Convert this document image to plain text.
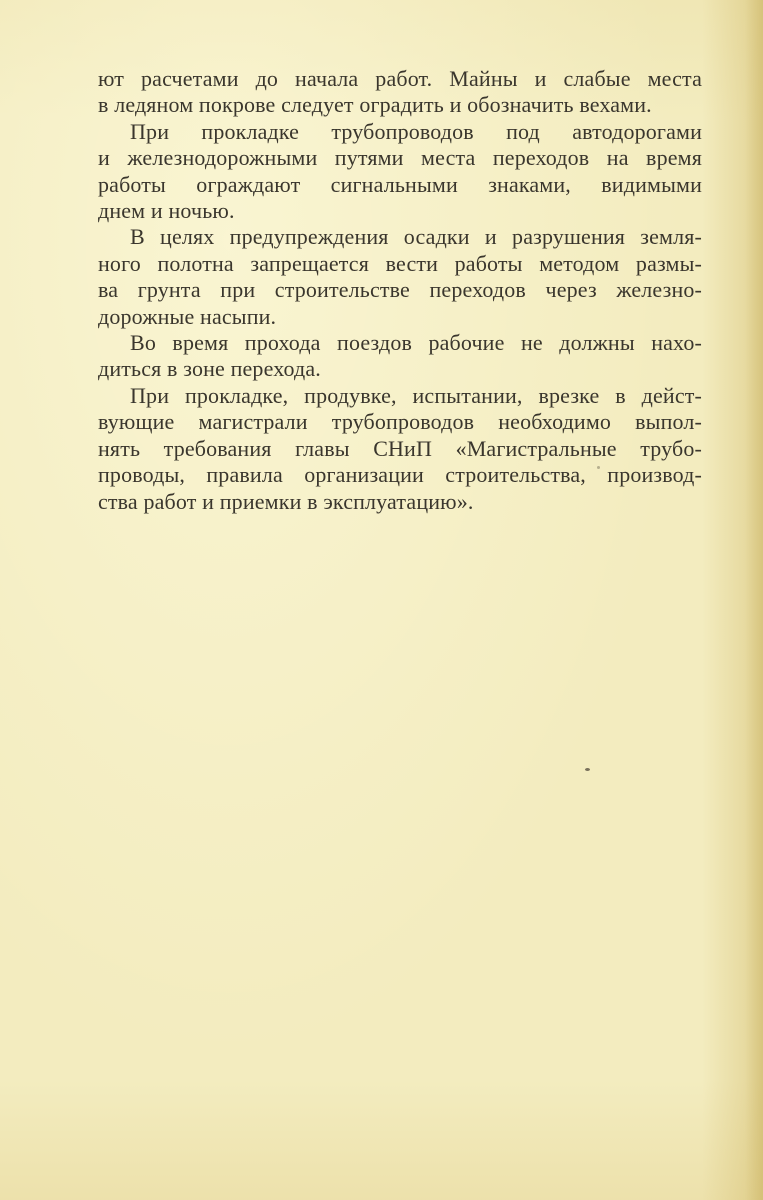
ют расчетами до начала работ. Майны и слабые места
в ледяном покрове следует оградить и обозначить вехами.

При прокладке трубопроводов под автодорогами
и железнодорожными путями места переходов на время
работы ограждают сигнальными знаками, видимыми
днем и ночью.

В целях предупреждения осадки и разрушения земля-
ного полотна запрещается вести работы методом размы-
ва грунта при строительстве переходов через железно-
дорожные насыпи.

Во время прохода поездов рабочие не должны нахо-
диться в зоне перехода.

При прокладке, продувке, испытании, врезке в дейст-
вующие магистрали трубопроводов необходимо выпол-
нять требования главы СНиП «Магистральные трубо-
проводы, правила организации строительства, производ-
ства работ и приемки в эксплуатацию».
